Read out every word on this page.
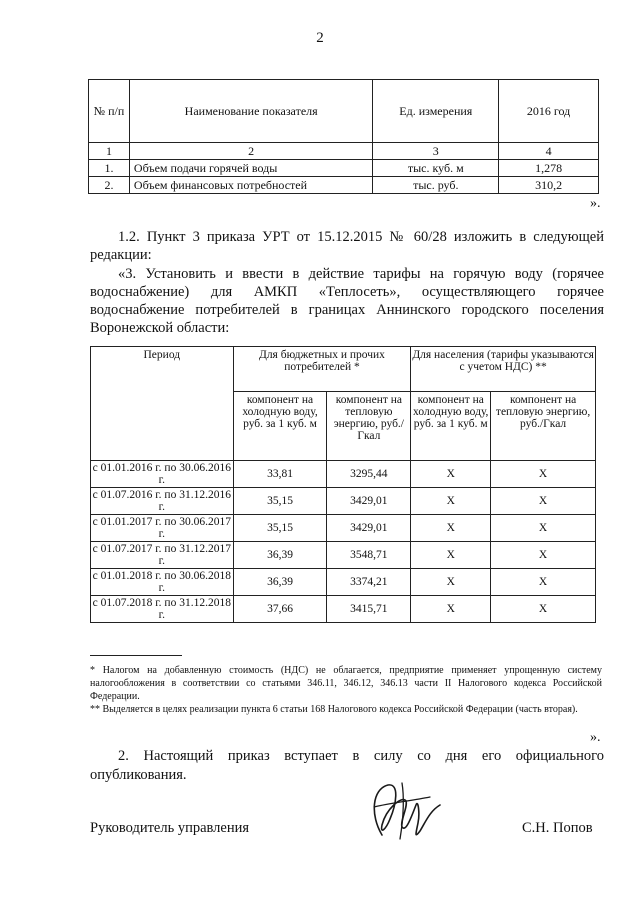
2
№ п/п	Наименование показателя	Ед. измерения	2016 год
1	2	3	4
1.	Объем подачи горячей воды	тыс. куб. м	1,278
2.	Объем финансовых потребностей	тыс. руб.	310,2
».
1.2. Пункт 3 приказа УРТ от 15.12.2015 № 60/28 изложить в следующей
редакции:
«3. Установить и ввести в действие тарифы на горячую воду (горячее
водоснабжение) для АМКП «Теплосеть», осуществляющего горячее
водоснабжение потребителей в границах Аннинского городского поселения
Воронежской области:
Период	Для бюджетных и прочих потребителей *		Для населения (тарифы указываются с учетом НДС) **	
	компонент на холодную воду, руб. за 1 куб. м	компонент на тепловую энергию, руб./Гкал	компонент на холодную воду, руб. за 1 куб. м	компонент на тепловую энергию, руб./Гкал
с 01.01.2016 г. по 30.06.2016 г.	33,81	3295,44	Х	Х
с 01.07.2016 г. по 31.12.2016 г.	35,15	3429,01	Х	Х
с 01.01.2017 г. по 30.06.2017 г.	35,15	3429,01	Х	Х
с 01.07.2017 г. по 31.12.2017 г.	36,39	3548,71	Х	Х
с 01.01.2018 г. по 30.06.2018 г.	36,39	3374,21	Х	Х
с 01.07.2018 г. по 31.12.2018 г.	37,66	3415,71	Х	Х
* Налогом на добавленную стоимость (НДС) не облагается, предприятие применяет упрощенную систему налогообложения в соответствии со статьями 346.11, 346.12, 346.13 части II Налогового кодекса Российской Федерации.
** Выделяется в целях реализации пункта 6 статьи 168 Налогового кодекса Российской Федерации (часть вторая).
».
2. Настоящий приказ вступает в силу со дня его официального
опубликования.
Руководитель управления	С.Н. Попов
